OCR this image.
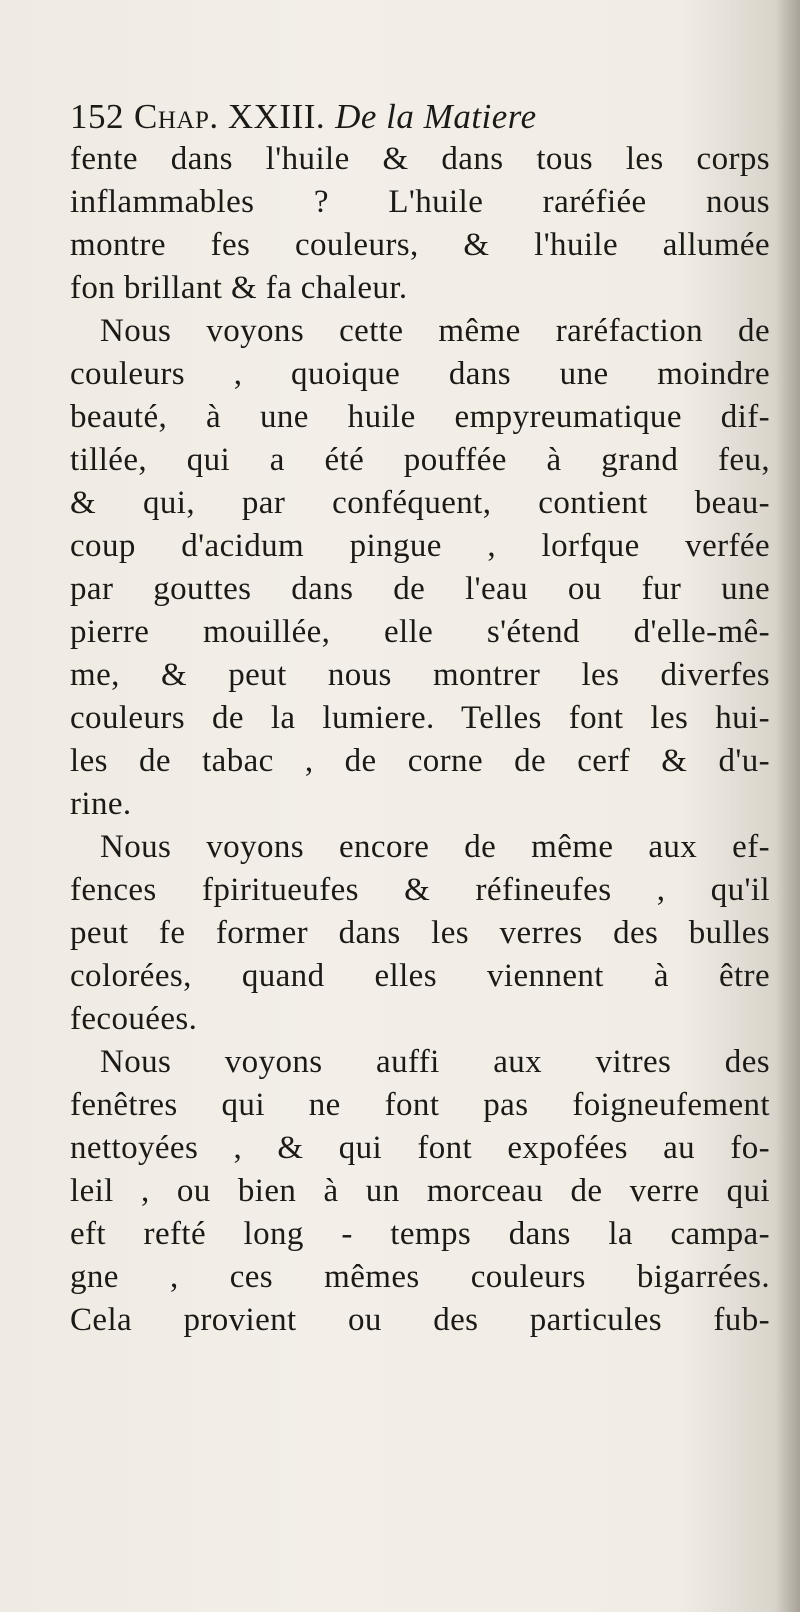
152 Chap. XXIII. De la Matiere
fente dans l'huile & dans tous les corps
inflammables ? L'huile raréfiée nous
montre fes couleurs, & l'huile allumée
fon brillant & fa chaleur.
Nous voyons cette même raréfaction de
couleurs , quoique dans une moindre
beauté, à une huile empyreumatique dif-
tillée, qui a été pouffée à grand feu,
& qui, par conféquent, contient beau-
coup d'acidum pingue , lorfque verfée
par gouttes dans de l'eau ou fur une
pierre mouillée, elle s'étend d'elle-mê-
me, & peut nous montrer les diverfes
couleurs de la lumiere. Telles font les hui-
les de tabac , de corne de cerf & d'u-
rine.
Nous voyons encore de même aux ef-
fences fpiritueufes & réfineufes , qu'il
peut fe former dans les verres des bulles
colorées, quand elles viennent à être
fecouées.
Nous voyons auffi aux vitres des
fenêtres qui ne font pas foigneufement
nettoyées , & qui font expofées au fo-
leil , ou bien à un morceau de verre qui
eft refté long - temps dans la campa-
gne , ces mêmes couleurs bigarrées.
Cela provient ou des particules fub-
